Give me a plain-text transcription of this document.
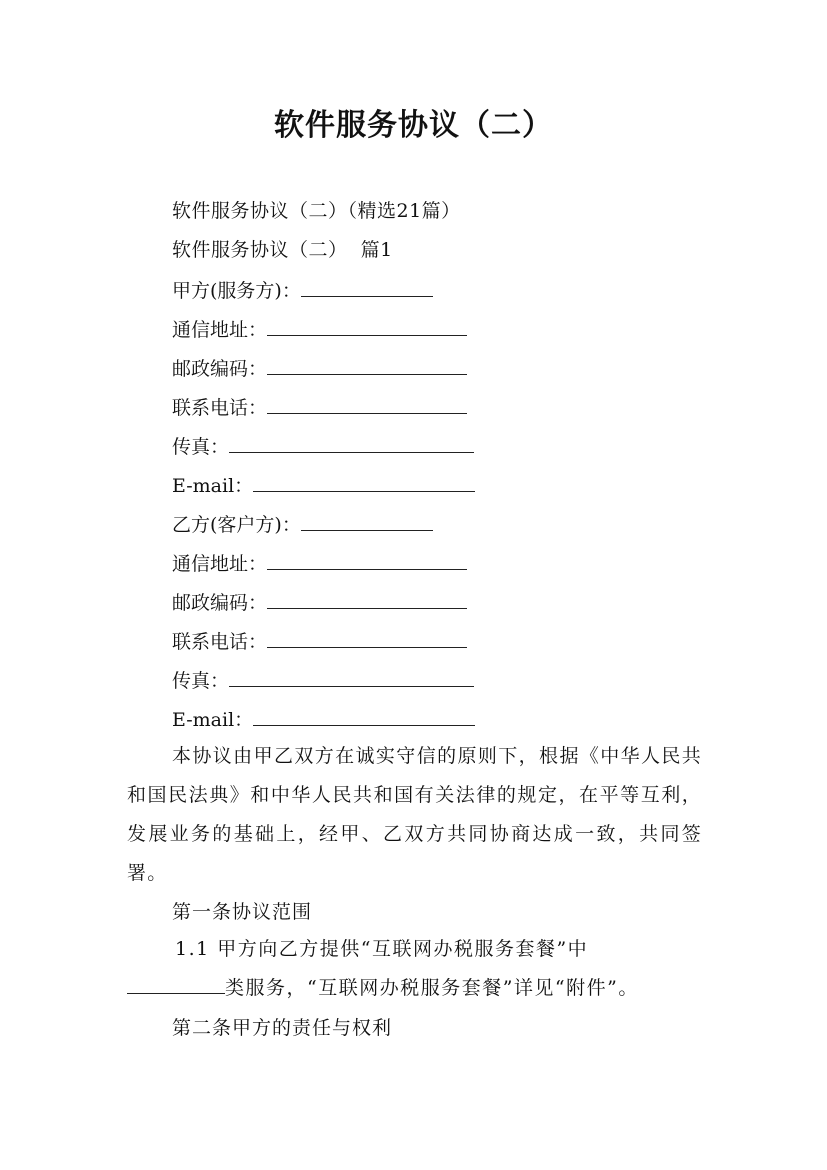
软件服务协议（二）
软件服务协议（二）（精选21篇）
软件服务协议（二）  篇1
甲方(服务方)：
通信地址：
邮政编码：
联系电话：
传真：
E-mail：
乙方(客户方)：
通信地址：
邮政编码：
联系电话：
传真：
E-mail：
本协议由甲乙双方在诚实守信的原则下，根据《中华人民共和国民法典》和中华人民共和国有关法律的规定，在平等互利，发展业务的基础上，经甲、乙双方共同协商达成一致，共同签署。
第一条协议范围
1.1 甲方向乙方提供“互联网办税服务套餐”中
类服务，“互联网办税服务套餐”详见“附件”。
第二条甲方的责任与权利
